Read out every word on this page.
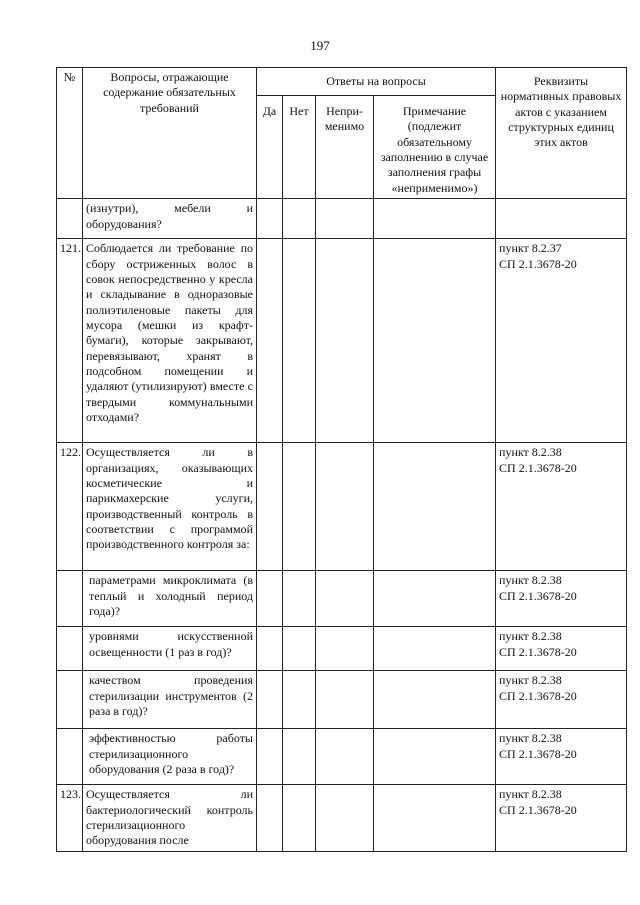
197
№	Вопросы, отражающие содержание обязательных требований	Ответы на вопросы				Реквизиты нормативных правовых актов с указанием структурных единиц этих актов
		Да	Нет	Непри-менимо	Примечание (подлежит обязательному заполнению в случае заполнения графы «неприменимо»)	
	(изнутри), мебели и оборудования?					

121.	Соблюдается ли требование по сбору остриженных волос в совок непосредственно у кресла и складывание в одноразовые полиэтиленовые пакеты для мусора (мешки из крафт-бумаги), которые закрывают, перевязывают, хранят в подсобном помещении и удаляют (утилизируют) вместе с твердыми коммунальными отходами?					пункт 8.2.37
СП 2.1.3678-20

122.	Осуществляется ли в организациях, оказывающих косметические и парикмахерские услуги, производственный контроль в соответствии с программой производственного контроля за:					пункт 8.2.38
СП 2.1.3678-20

	параметрами микроклимата (в теплый и холодный период года)?					пункт 8.2.38
СП 2.1.3678-20

	уровнями искусственной освещенности (1 раз в год)?					пункт 8.2.38
СП 2.1.3678-20

	качеством проведения стерилизации инструментов (2 раза в год)?					пункт 8.2.38
СП 2.1.3678-20

	эффективностью работы стерилизационного оборудования (2 раза в год)?					пункт 8.2.38
СП 2.1.3678-20

123.	Осуществляется ли бактериологический контроль стерилизационного оборудования после					пункт 8.2.38
СП 2.1.3678-20
